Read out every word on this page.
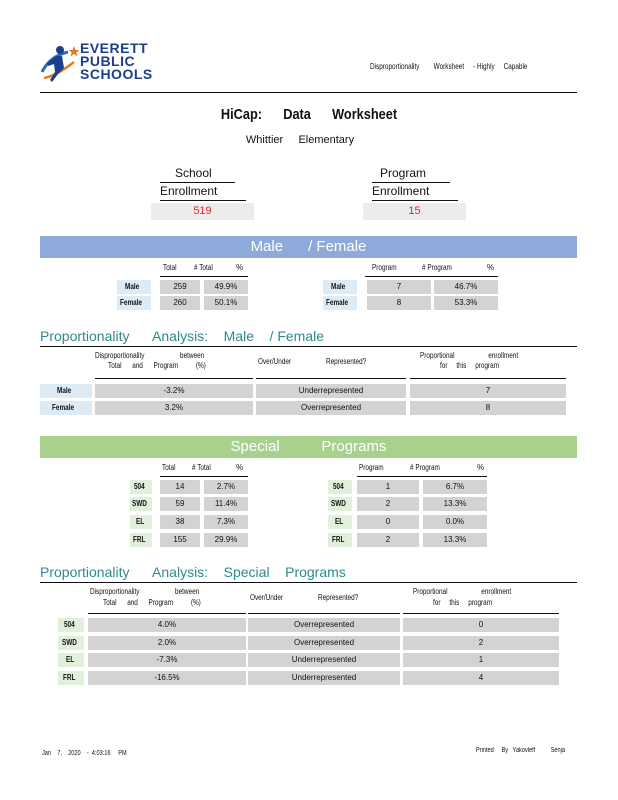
EVERETT
PUBLIC
SCHOOLS	Disproportionality        Worksheet     - Highly     Capable
HiCap:      Data      Worksheet
Whittier     Elementary
School
Enrollment
519
Program
Enrollment
15
Male      / Female
Total # Total	%	Program	# Program	%
Male	259	49.9%	Male	7	46.7%
Female	260	50.1%	Female	8	53.3%
Proportionality      Analysis:    Male    / Female
Disproportionality                    between
Total      and      Program          (%)	Over/Under	Represented?
Proportional                   enrollment
for     this     program
Male	-3.2%	Underrepresented	7
Female	3.2%	Overrepresented	8
Special          Programs
Total # Total	%	Program	# Program	%
504	14	2.7%	504	1	6.7%
SWD	59	11.4%	SWD	2	13.3%
EL	38	7.3%	EL	0	0.0%
FRL	155	29.9%	FRL	2	13.3%
Proportionality      Analysis:    Special    Programs
Disproportionality                    between
Total      and      Program          (%)
Over/Under	Represented?
Proportional                   enrollment
for     this     program
504	4.0%	Overrepresented	0
SWD	2.0%	Overrepresented	2
EL	-7.3%	Underrepresented	1
FRL	-16.5%	Underrepresented	4
Jan    7,    2020    -  4:03:16     PM	Printed     By   Yakovleff          Senja
